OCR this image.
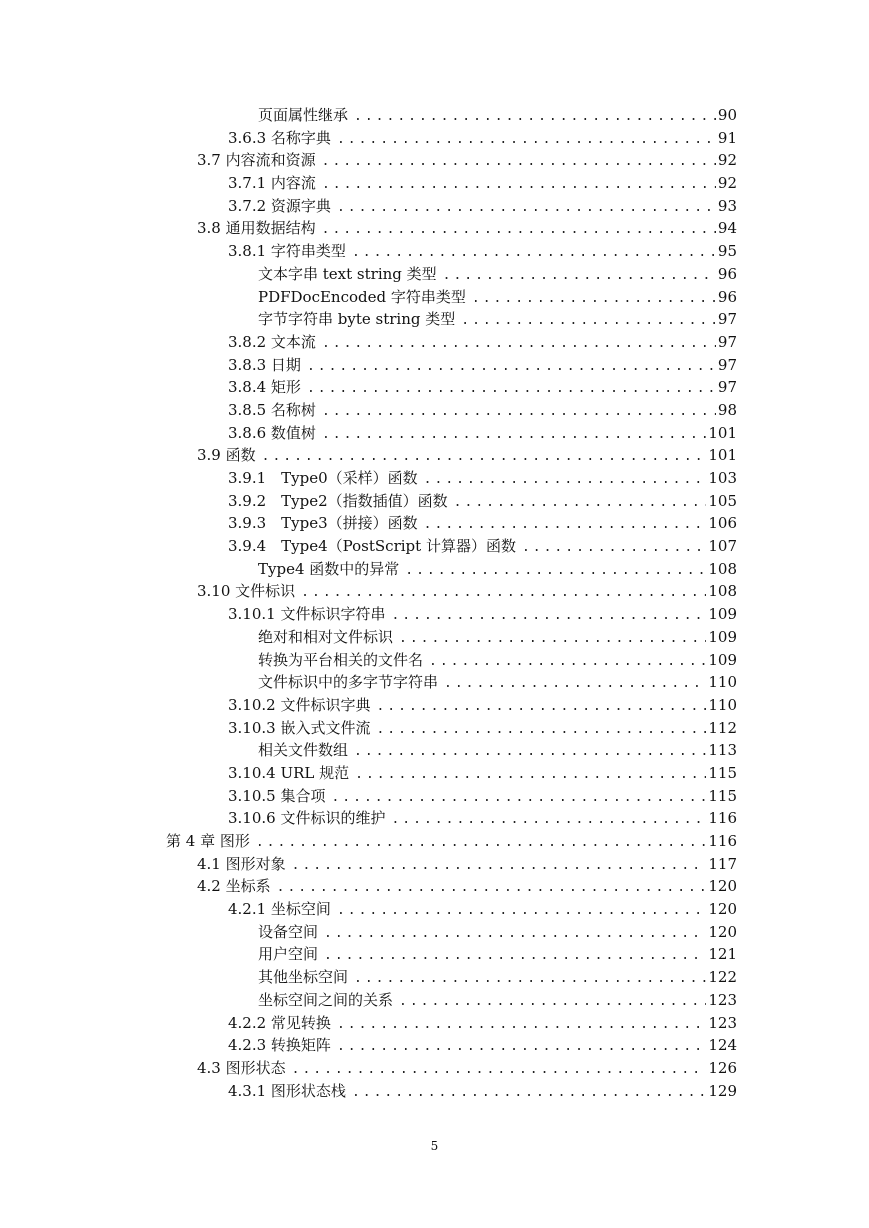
页面属性继承 .....	90
3.6.3 名称字典 .....	91
3.7 内容流和资源 .....	92
3.7.1 内容流 .....	92
3.7.2 资源字典 .....	93
3.8 通用数据结构 .....	94
3.8.1 字符串类型 .....	95
文本字串 text string 类型 .....	96
PDFDocEncoded 字符串类型 .....	96
字节字符串 byte string 类型 .....	97
3.8.2 文本流 .....	97
3.8.3 日期 .....	97
3.8.4 矩形 .....	97
3.8.5 名称树 .....	98
3.8.6 数值树 .....	101
3.9 函数 .....	101
3.9.1　Type0（采样）函数 .....	103
3.9.2　Type2（指数插值）函数 .....	105
3.9.3　Type3（拼接）函数 .....	106
3.9.4　Type4（PostScript 计算器）函数 .....	107
Type4 函数中的异常 .....	108
3.10 文件标识 .....	108
3.10.1 文件标识字符串 .....	109
绝对和相对文件标识 .....	109
转换为平台相关的文件名 .....	109
文件标识中的多字节字符串 .....	110
3.10.2 文件标识字典 .....	110
3.10.3 嵌入式文件流 .....	112
相关文件数组 .....	113
3.10.4 URL 规范 .....	115
3.10.5 集合项 .....	115
3.10.6 文件标识的维护 .....	116
第 4 章 图形 .....	116
4.1 图形对象 .....	117
4.2 坐标系 .....	120
4.2.1 坐标空间 .....	120
设备空间 .....	120
用户空间 .....	121
其他坐标空间 .....	122
坐标空间之间的关系 .....	123
4.2.2 常见转换 .....	123
4.2.3 转换矩阵 .....	124
4.3 图形状态 .....	126
4.3.1 图形状态栈 .....	129
5
